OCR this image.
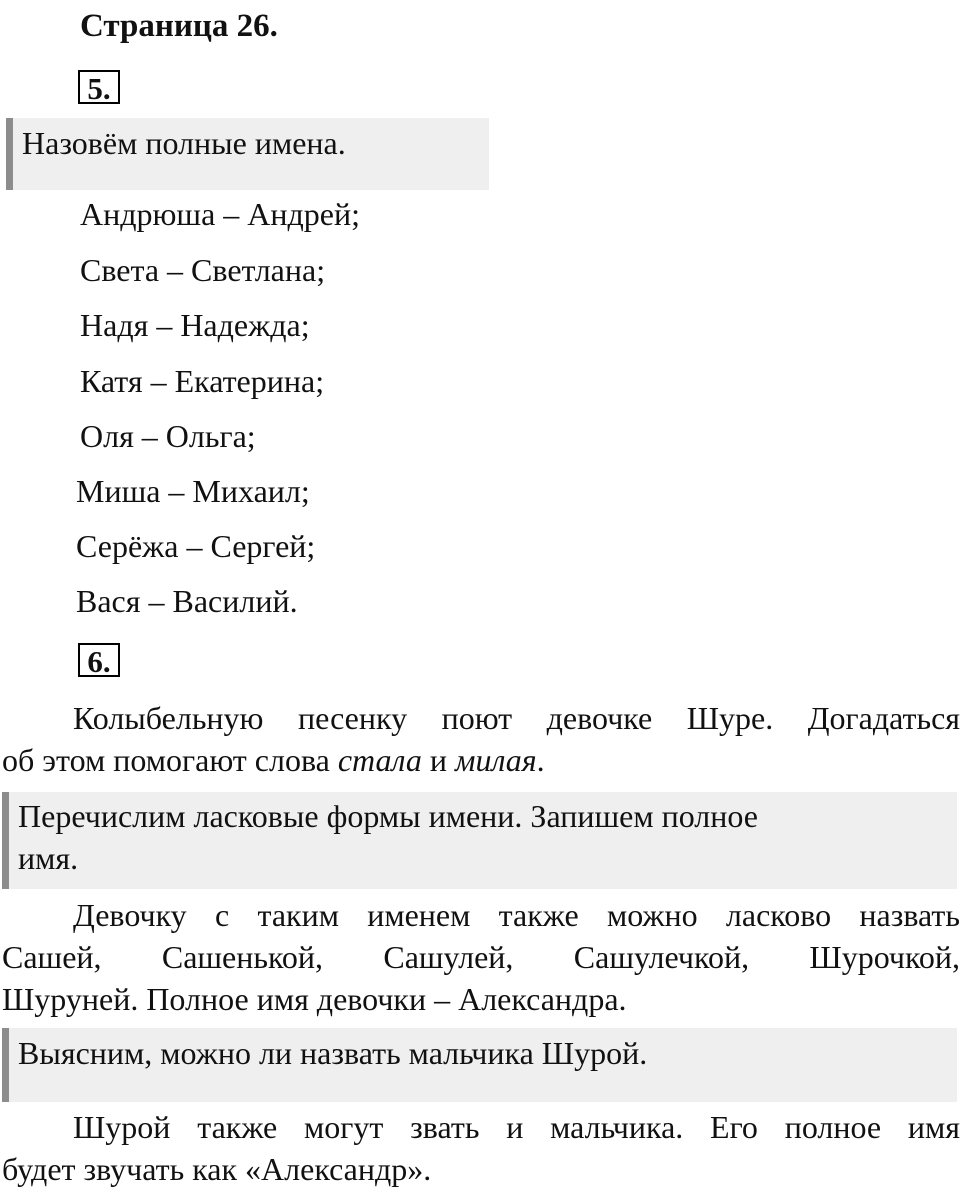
Страница 26.
5.
Назовём полные имена.
Андрюша – Андрей;
Света – Светлана;
Надя – Надежда;
Катя – Екатерина;
Оля – Ольга;
Миша – Михаил;
Серёжа – Сергей;
Вася – Василий.
6.
Колыбельную песенку поют девочке Шуре. Догадаться
об этом помогают слова стала и милая.
Перечислим ласковые формы имени. Запишем полное
имя.
Девочку с таким именем также можно ласково назвать
Сашей, Сашенькой, Сашулей, Сашулечкой, Шурочкой,
Шуруней. Полное имя девочки – Александра.
Выясним, можно ли назвать мальчика Шурой.
Шурой также могут звать и мальчика. Его полное имя
будет звучать как «Александр».
